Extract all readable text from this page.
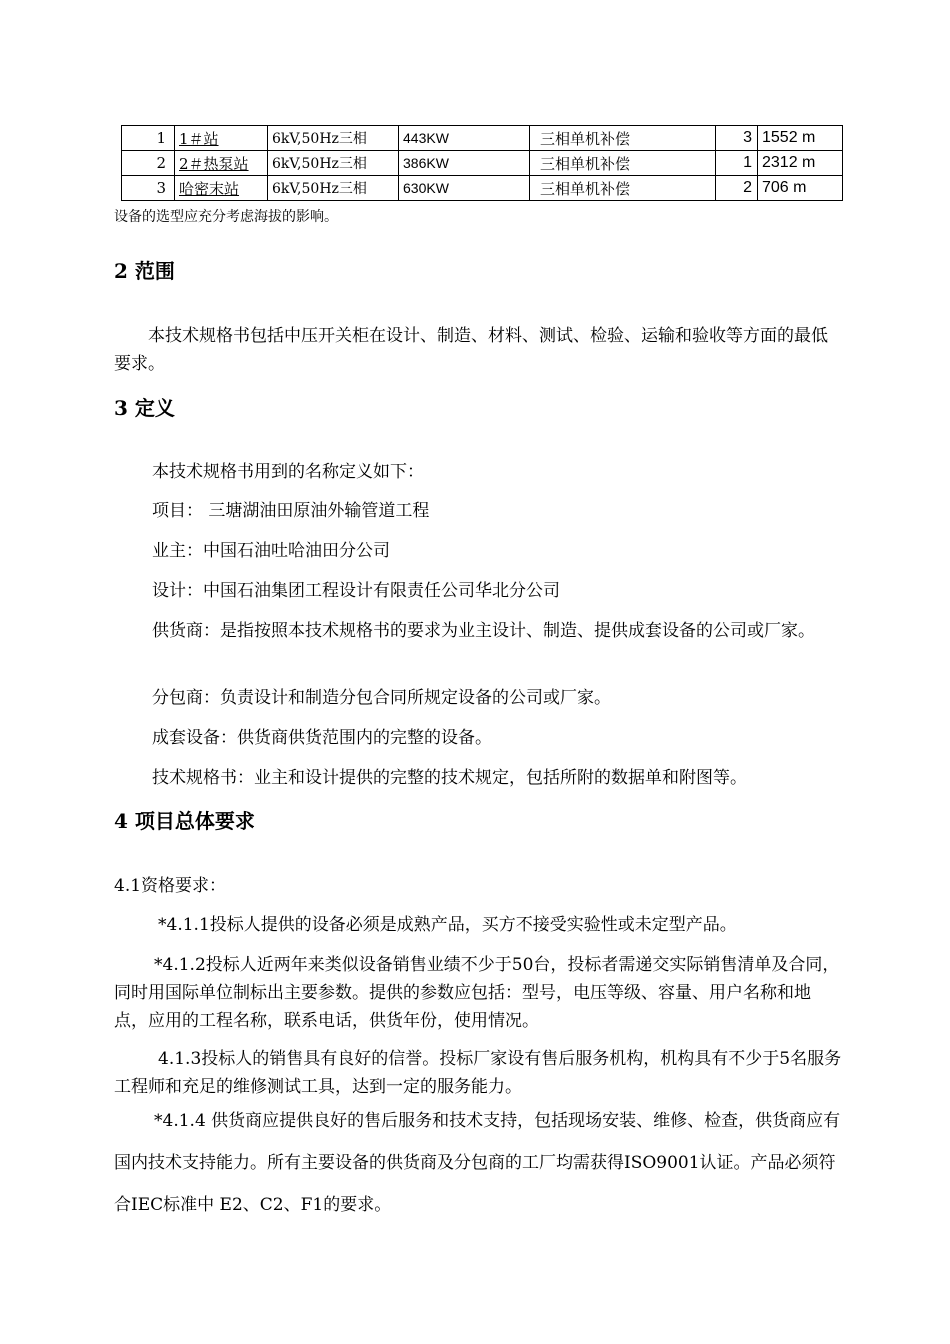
1	1＃站	6kV,50Hz三相	443KW	三相单机补偿	3	1552 m
2	2＃热泵站	6kV,50Hz三相	386KW	三相单机补偿	1	2312 m
3	哈密末站	6kV,50Hz三相	630KW	三相单机补偿	2	706 m
设备的选型应充分考虑海拔的影响。
2 范围

本技术规格书包括中压开关柜在设计、制造、材料、测试、检验、运输和验收等方面的最低要求。

3 定义

本技术规格书用到的名称定义如下：

项目： 三塘湖油田原油外输管道工程

业主：中国石油吐哈油田分公司

设计：中国石油集团工程设计有限责任公司华北分公司

供货商：是指按照本技术规格书的要求为业主设计、制造、提供成套设备的公司或厂家。

分包商：负责设计和制造分包合同所规定设备的公司或厂家。

成套设备：供货商供货范围内的完整的设备。

技术规格书：业主和设计提供的完整的技术规定，包括所附的数据单和附图等。

4 项目总体要求

4.1资格要求：

*4.1.1投标人提供的设备必须是成熟产品，买方不接受实验性或未定型产品。

*4.1.2投标人近两年来类似设备销售业绩不少于50台，投标者需递交实际销售清单及合同，同时用国际单位制标出主要参数。提供的参数应包括：型号，电压等级、容量、用户名称和地点，应用的工程名称，联系电话，供货年份，使用情况。

4.1.3投标人的销售具有良好的信誉。投标厂家设有售后服务机构，机构具有不少于5名服务工程师和充足的维修测试工具，达到一定的服务能力。

*4.1.4 供货商应提供良好的售后服务和技术支持，包括现场安装、维修、检查，供货商应有国内技术支持能力。所有主要设备的供货商及分包商的工厂均需获得ISO9001认证。产品必须符合IEC标准中 E2、C2、F1的要求。
